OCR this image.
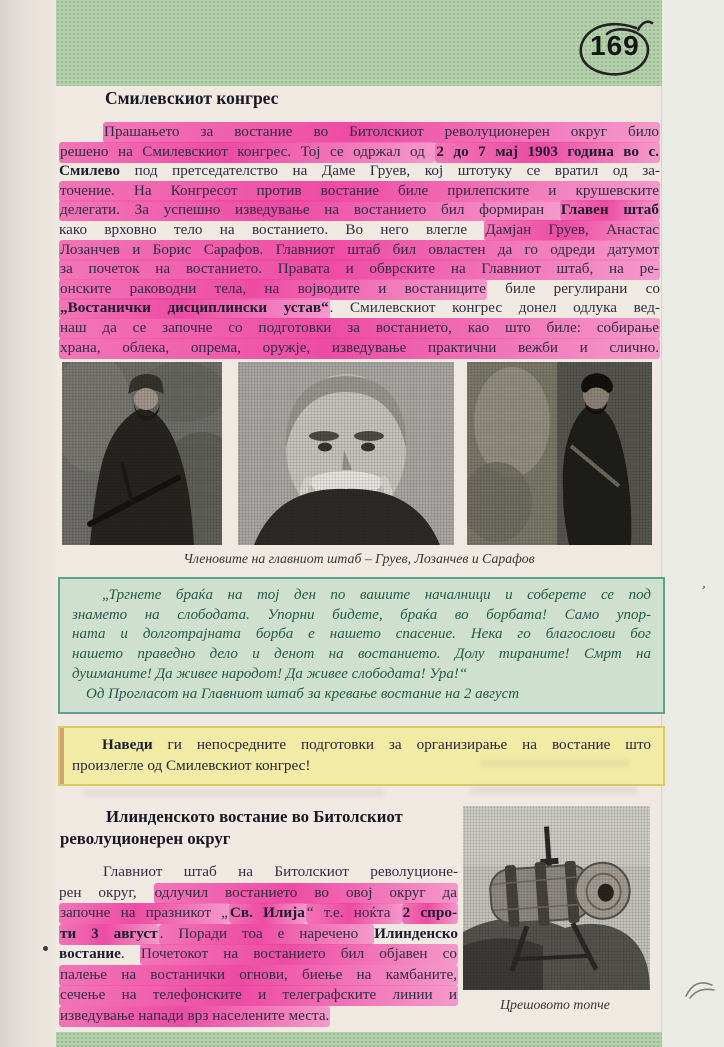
169
Смилевскиот конгрес
Прашањето за востание во Битолскиот револуционерен округ било
решено на Смилевскиот конгрес. Тој се одржал од 2 до 7 мај 1903 година во с.
Смилево под претседателство на Даме Груев, кој штотуку се вратил од за-
точение. На Конгресот против востание биле прилепските и крушевските
делегати. За успешно изведување на востанието бил формиран Главен штаб
како врховно тело на востанието. Во него влегле Дамјан Груев, Анастас
Лозанчев и Борис Сарафов. Главниот штаб бил овластен да го одреди датумот
за почеток на востанието. Правата и обврските на Главниот штаб, на ре-
онските раководни тела, на војводите и востаниците биле регулирани со
„Востанички дисциплински устав“. Смилевскиот конгрес донел одлука вед-
наш да се започне со подготовки за востанието, као што биле: собирање
храна, облека, опрема, оружје, изведување практични вежби и слично.
Членовите на главниот штаб – Груев, Лозанчев и Сарафов
„Тргнете браќа на тој ден по вашите началници и соберете се под
знамето на слободата. Упорни бидете, браќа во борбата! Само упор-
ната и долготрајната борба е нашето спасение. Нека го благослови бог
нашето праведно дело и денот на востанието. Долу тираните! Смрт на
душманите! Да живее народот! Да живее слободата! Ура!“
Од Прогласот на Главниот штаб за кревање востание на 2 август
Наведи ги непосредните подготовки за организирање на востание што
произлегле од Смилевскиот конгрес!
Илинденското востание во Битолскиот
револуционерен округ
Главниот штаб на Битолскиот револуционе-
рен округ, одлучил востанието во овој округ да
започне на празникот „ Св. Илија “ т.е. ноќта 2 спро-
ти 3 август . Поради тоа е наречено Илинденско
востание. Почетокот на востанието бил објавен со
палење на востанички огнови, биење на камбаните,
сечење на телефонските и телеграфските линии и
изведување напади врз населените места.
Црешовото топче
’
